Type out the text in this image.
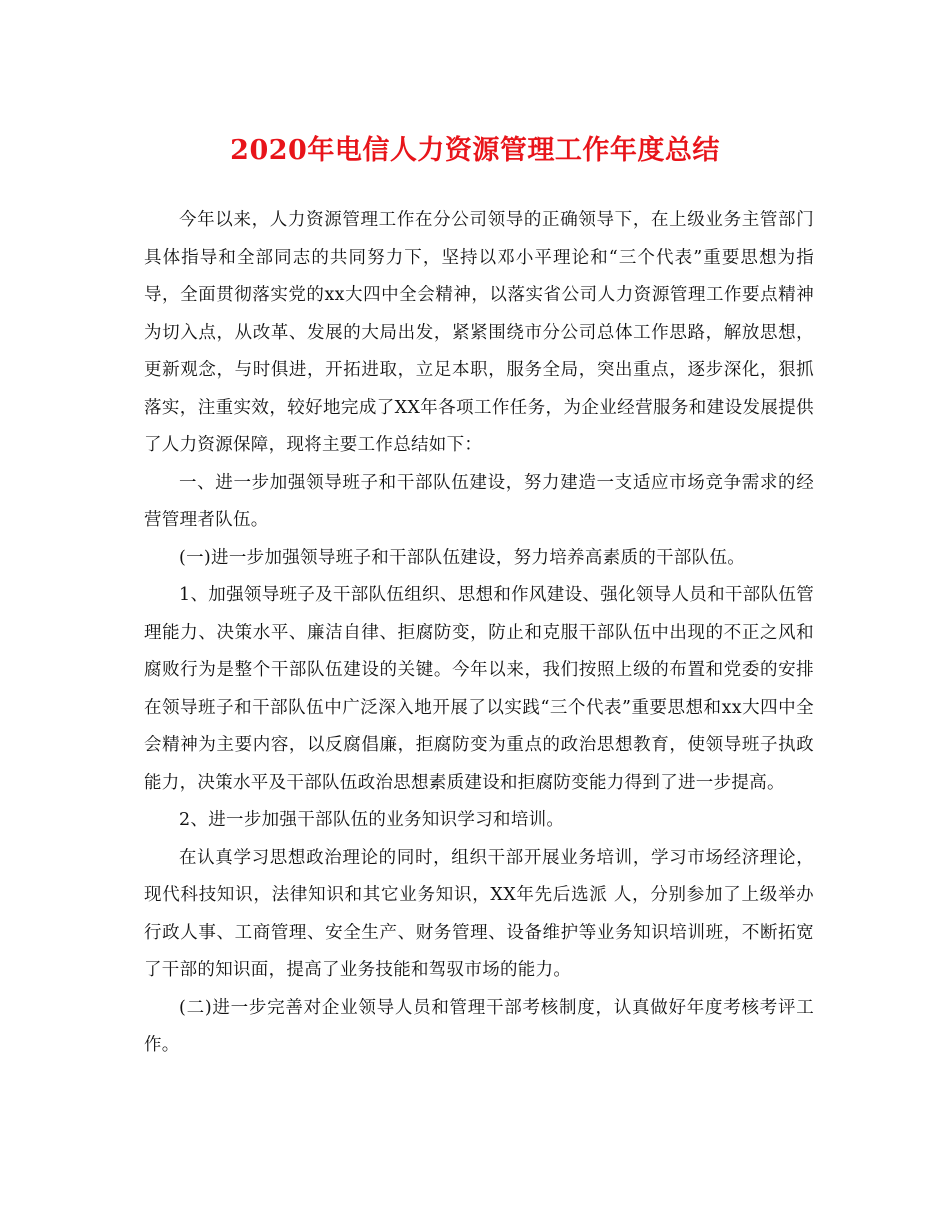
2020年电信人力资源管理工作年度总结

今年以来，人力资源管理工作在分公司领导的正确领导下，在上级业务主管部门具体指导和全部同志的共同努力下，坚持以邓小平理论和“三个代表”重要思想为指导，全面贯彻落实党的xx大四中全会精神，以落实省公司人力资源管理工作要点精神为切入点，从改革、发展的大局出发，紧紧围绕市分公司总体工作思路，解放思想，更新观念，与时俱进，开拓进取，立足本职，服务全局，突出重点，逐步深化，狠抓落实，注重实效，较好地完成了XX年各项工作任务，为企业经营服务和建设发展提供了人力资源保障，现将主要工作总结如下：

一、进一步加强领导班子和干部队伍建设，努力建造一支适应市场竞争需求的经营管理者队伍。

(一)进一步加强领导班子和干部队伍建设，努力培养高素质的干部队伍。

1、加强领导班子及干部队伍组织、思想和作风建设、强化领导人员和干部队伍管理能力、决策水平、廉洁自律、拒腐防变，防止和克服干部队伍中出现的不正之风和腐败行为是整个干部队伍建设的关键。今年以来，我们按照上级的布置和党委的安排在领导班子和干部队伍中广泛深入地开展了以实践“三个代表”重要思想和xx大四中全会精神为主要内容，以反腐倡廉，拒腐防变为重点的政治思想教育，使领导班子执政能力，决策水平及干部队伍政治思想素质建设和拒腐防变能力得到了进一步提高。

2、进一步加强干部队伍的业务知识学习和培训。

在认真学习思想政治理论的同时，组织干部开展业务培训，学习市场经济理论，现代科技知识，法律知识和其它业务知识，XX年先后选派 人，分别参加了上级举办行政人事、工商管理、安全生产、财务管理、设备维护等业务知识培训班，不断拓宽了干部的知识面，提高了业务技能和驾驭市场的能力。

(二)进一步完善对企业领导人员和管理干部考核制度，认真做好年度考核考评工作。
